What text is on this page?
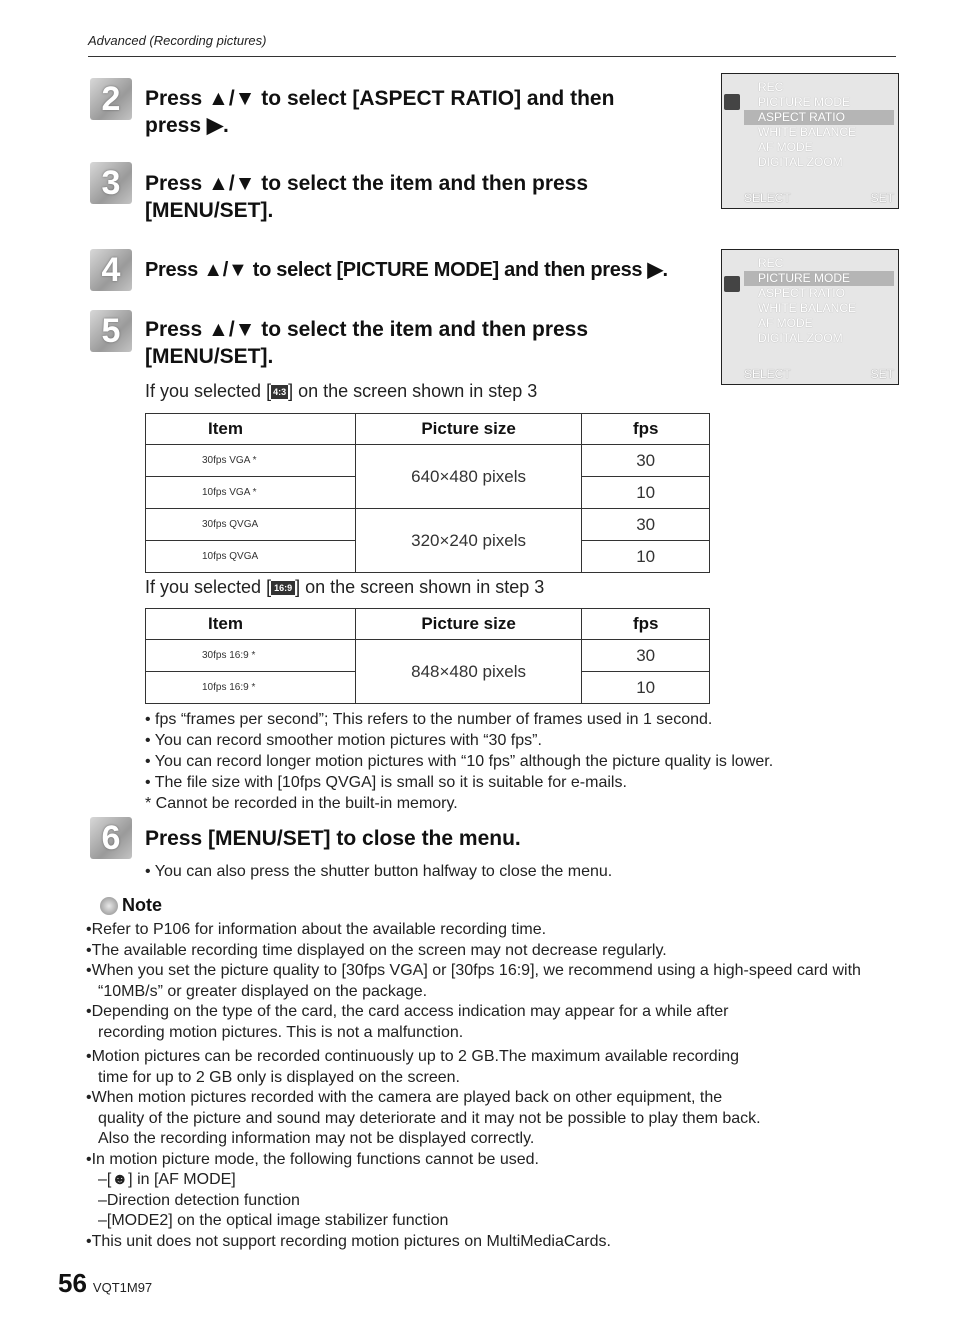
Advanced (Recording pictures)
2	Press ▲/▼ to select [ASPECT RATIO] and then
press ▶.
3	Press ▲/▼ to select the item and then press
[MENU/SET].
REC
PICTURE MODE
ASPECT RATIO
WHITE BALANCE
AF MODE
DIGITAL ZOOM
SELECT	SET
4	Press ▲/▼ to select [PICTURE MODE] and then press ▶.
5	Press ▲/▼ to select the item and then press
[MENU/SET].
REC
PICTURE MODE
ASPECT RATIO
WHITE BALANCE
AF MODE
DIGITAL ZOOM
SELECT	SET
If you selected [ 4:3 ] on the screen shown in step 3
Item	Picture size	fps
30fps VGA *	640×480 pixels	30
10fps VGA *		10
30fps QVGA	320×240 pixels	30
10fps QVGA		10
If you selected [ 16:9 ] on the screen shown in step 3
Item	Picture size	fps
30fps 16:9 *	848×480 pixels	30
10fps 16:9 *		10
• fps “frames per second”; This refers to the number of frames used in 1 second.
• You can record smoother motion pictures with “30 fps”.
• You can record longer motion pictures with “10 fps” although the picture quality is lower.
• The file size with [10fps QVGA] is small so it is suitable for e-mails.
* Cannot be recorded in the built-in memory.
6	Press [MENU/SET] to close the menu.
• You can also press the shutter button halfway to close the menu.
Note
•Refer to P106 for information about the available recording time.
•The available recording time displayed on the screen may not decrease regularly.
•When you set the picture quality to [30fps VGA] or [30fps 16:9], we recommend using a high-speed card with
“10MB/s” or greater displayed on the package.
•Depending on the type of the card, the card access indication may appear for a while after
recording motion pictures. This is not a malfunction.
•Motion pictures can be recorded continuously up to 2 GB.The maximum available recording
time for up to 2 GB only is displayed on the screen.
•When motion pictures recorded with the camera are played back on other equipment, the
quality of the picture and sound may deteriorate and it may not be possible to play them back.
Also the recording information may not be displayed correctly.
•In motion picture mode, the following functions cannot be used.
–[☻] in [AF MODE]
–Direction detection function
–[MODE2] on the optical image stabilizer function
•This unit does not support recording motion pictures on MultiMediaCards.
56 VQT1M97
